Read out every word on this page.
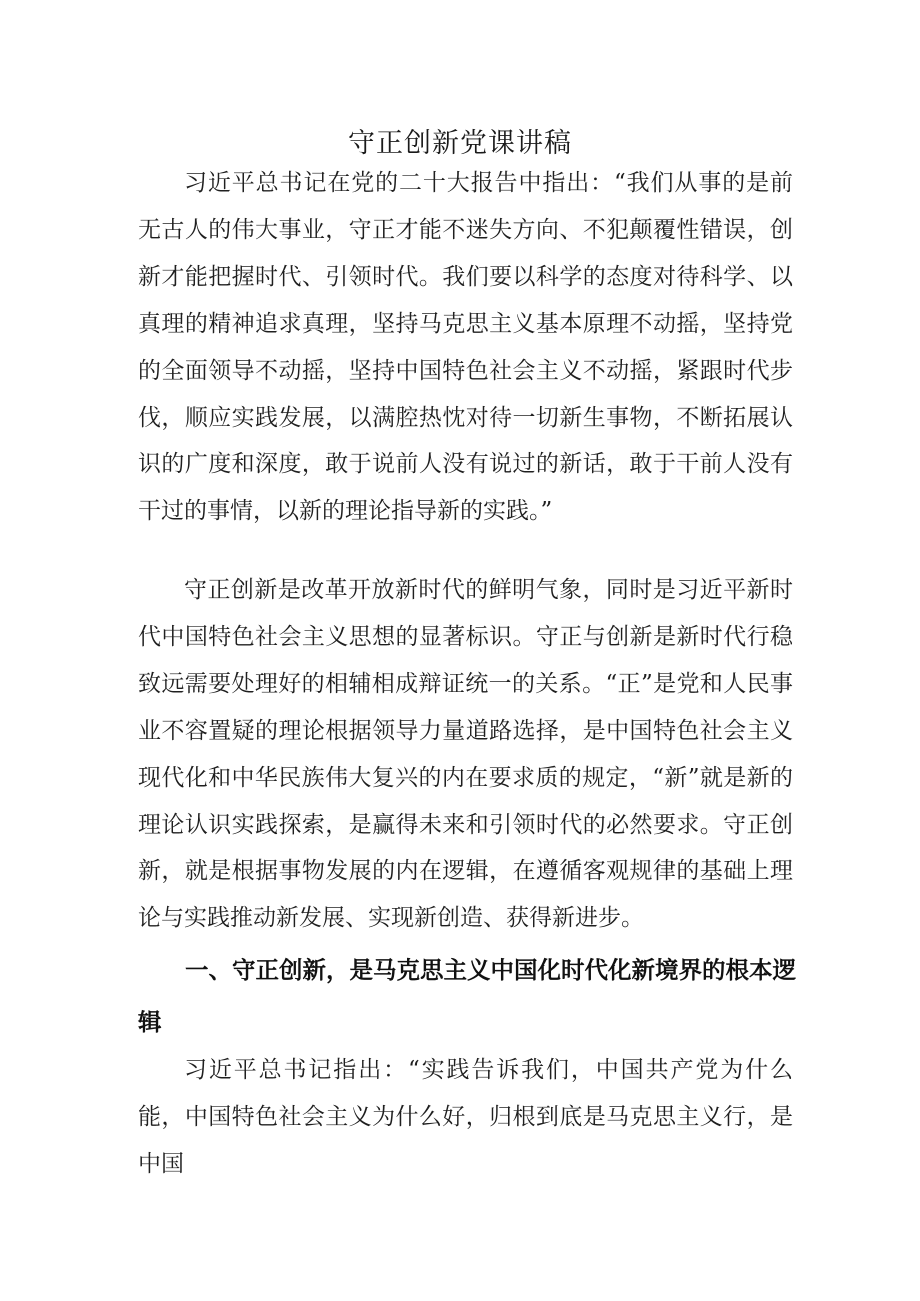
守正创新党课讲稿

习近平总书记在党的二十大报告中指出：“我们从事的是前无古人的伟大事业，守正才能不迷失方向、不犯颠覆性错误，创新才能把握时代、引领时代。我们要以科学的态度对待科学、以真理的精神追求真理，坚持马克思主义基本原理不动摇，坚持党的全面领导不动摇，坚持中国特色社会主义不动摇，紧跟时代步伐，顺应实践发展，以满腔热忱对待一切新生事物，不断拓展认识的广度和深度，敢于说前人没有说过的新话，敢于干前人没有干过的事情，以新的理论指导新的实践。”

守正创新是改革开放新时代的鲜明气象，同时是习近平新时代中国特色社会主义思想的显著标识。守正与创新是新时代行稳致远需要处理好的相辅相成辩证统一的关系。“正”是党和人民事业不容置疑的理论根据领导力量道路选择，是中国特色社会主义现代化和中华民族伟大复兴的内在要求质的规定，“新”就是新的理论认识实践探索，是赢得未来和引领时代的必然要求。守正创新，就是根据事物发展的内在逻辑，在遵循客观规律的基础上理论与实践推动新发展、实现新创造、获得新进步。

一、守正创新，是马克思主义中国化时代化新境界的根本逻辑

习近平总书记指出：“实践告诉我们，中国共产党为什么能，中国特色社会主义为什么好，归根到底是马克思主义行，是中国
